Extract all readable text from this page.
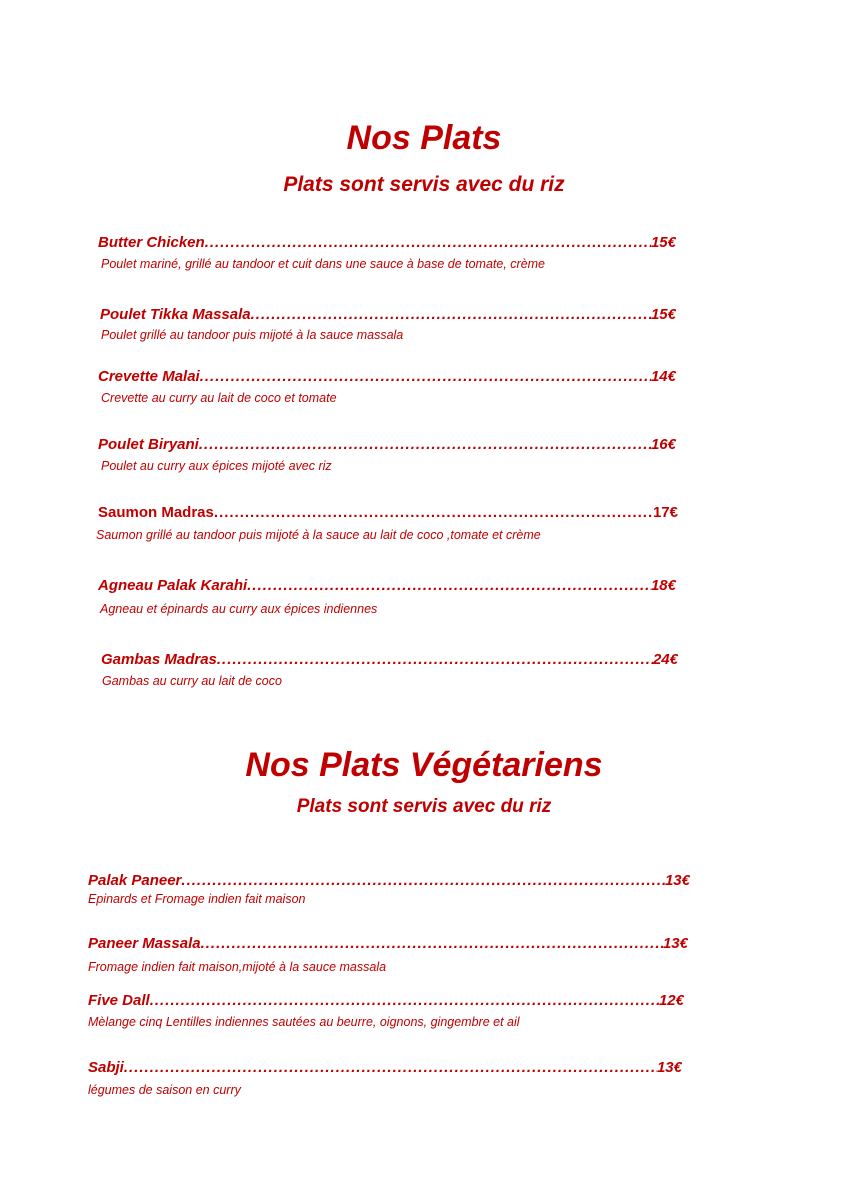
Nos Plats
Plats sont servis avec du riz
Butter Chicken .....	15€
Poulet mariné, grillé au tandoor et cuit dans une sauce à base de tomate, crème
Poulet Tikka Massala .....	15€
Poulet grillé au tandoor puis mijoté à la sauce massala
Crevette Malai .....	14€
Crevette au curry au lait de coco et tomate
Poulet Biryani .....	16€
Poulet au curry aux épices mijoté avec riz
Saumon Madras .....	17€
Saumon grillé au tandoor puis mijoté à la sauce au lait de coco ,tomate et crème
Agneau Palak Karahi .....	18€
Agneau et épinards au curry aux épices indiennes
Gambas Madras .....	24€
Gambas au curry au lait de coco
Nos Plats Végétariens
Plats sont servis avec du riz
Palak Paneer .....	13€
Epinards et Fromage indien fait maison
Paneer Massala .....	13€
Fromage indien fait maison,mijoté à la sauce massala
Five Dall .....	12€
Mèlange cinq Lentilles indiennes sautées au beurre, oignons, gingembre et ail
Sabji .....	13€
légumes de saison en curry
